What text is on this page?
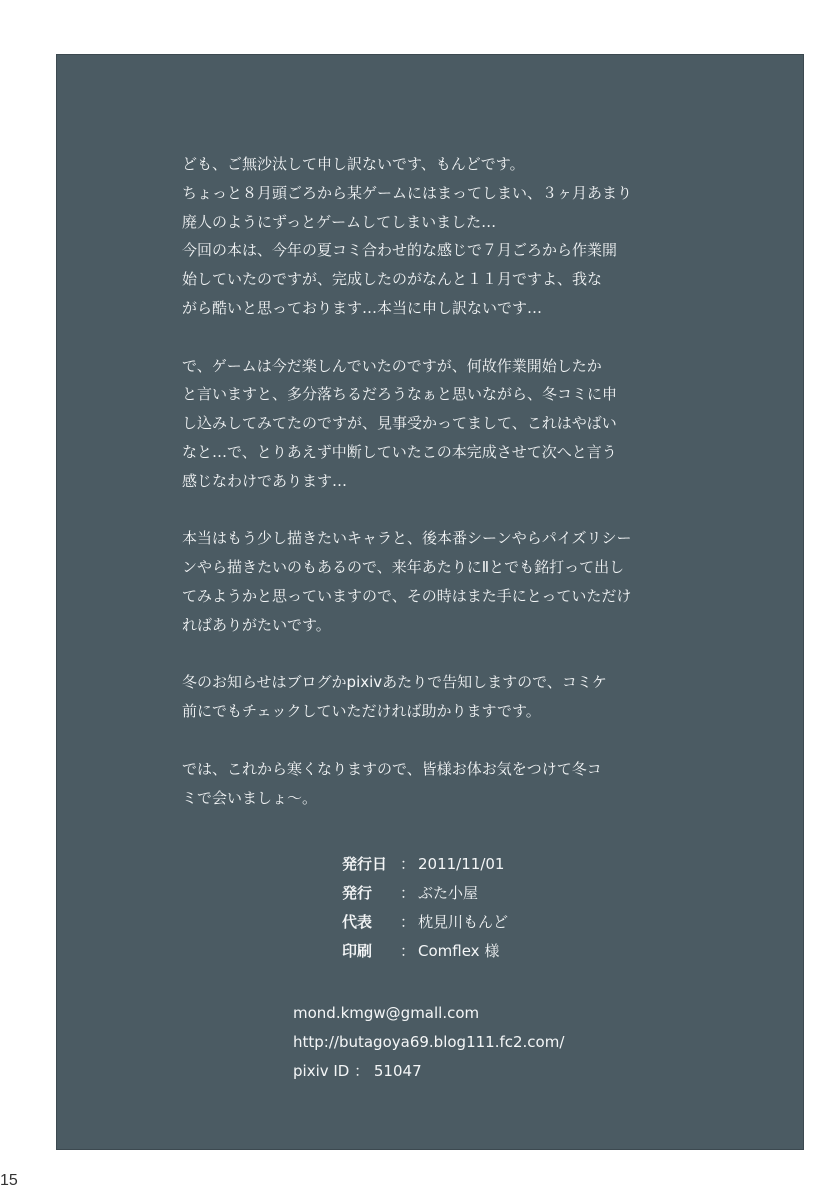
ども、ご無沙汰して申し訳ないです、もんどです。
ちょっと８月頭ごろから某ゲームにはまってしまい、３ヶ月あまり
廃人のようにずっとゲームしてしまいました…
今回の本は、今年の夏コミ合わせ的な感じで７月ごろから作業開
始していたのですが、完成したのがなんと１１月ですよ、我な
がら酷いと思っております…本当に申し訳ないです…

で、ゲームは今だ楽しんでいたのですが、何故作業開始したか
と言いますと、多分落ちるだろうなぁと思いながら、冬コミに申
し込みしてみてたのですが、見事受かってまして、これはやばい
なと…で、とりあえず中断していたこの本完成させて次へと言う
感じなわけであります…

本当はもう少し描きたいキャラと、後本番シーンやらパイズリシー
ンやら描きたいのもあるので、来年あたりにⅡとでも銘打って出し
てみようかと思っていますので、その時はまた手にとっていただけ
ればありがたいです。

冬のお知らせはブログかpixivあたりで告知しますので、コミケ
前にでもチェックしていただければ助かりますです。

では、これから寒くなりますので、皆様お体お気をつけて冬コ
ミで会いましょ～。

発行日 ： 2011/11/01
発行	： ぶた小屋
代表	： 枕見川もんど
印刷	： Comflex 様
mond.kmgw@gmall.com
http://butagoya69.blog111.fc2.com/
pixiv ID ： 51047
15
